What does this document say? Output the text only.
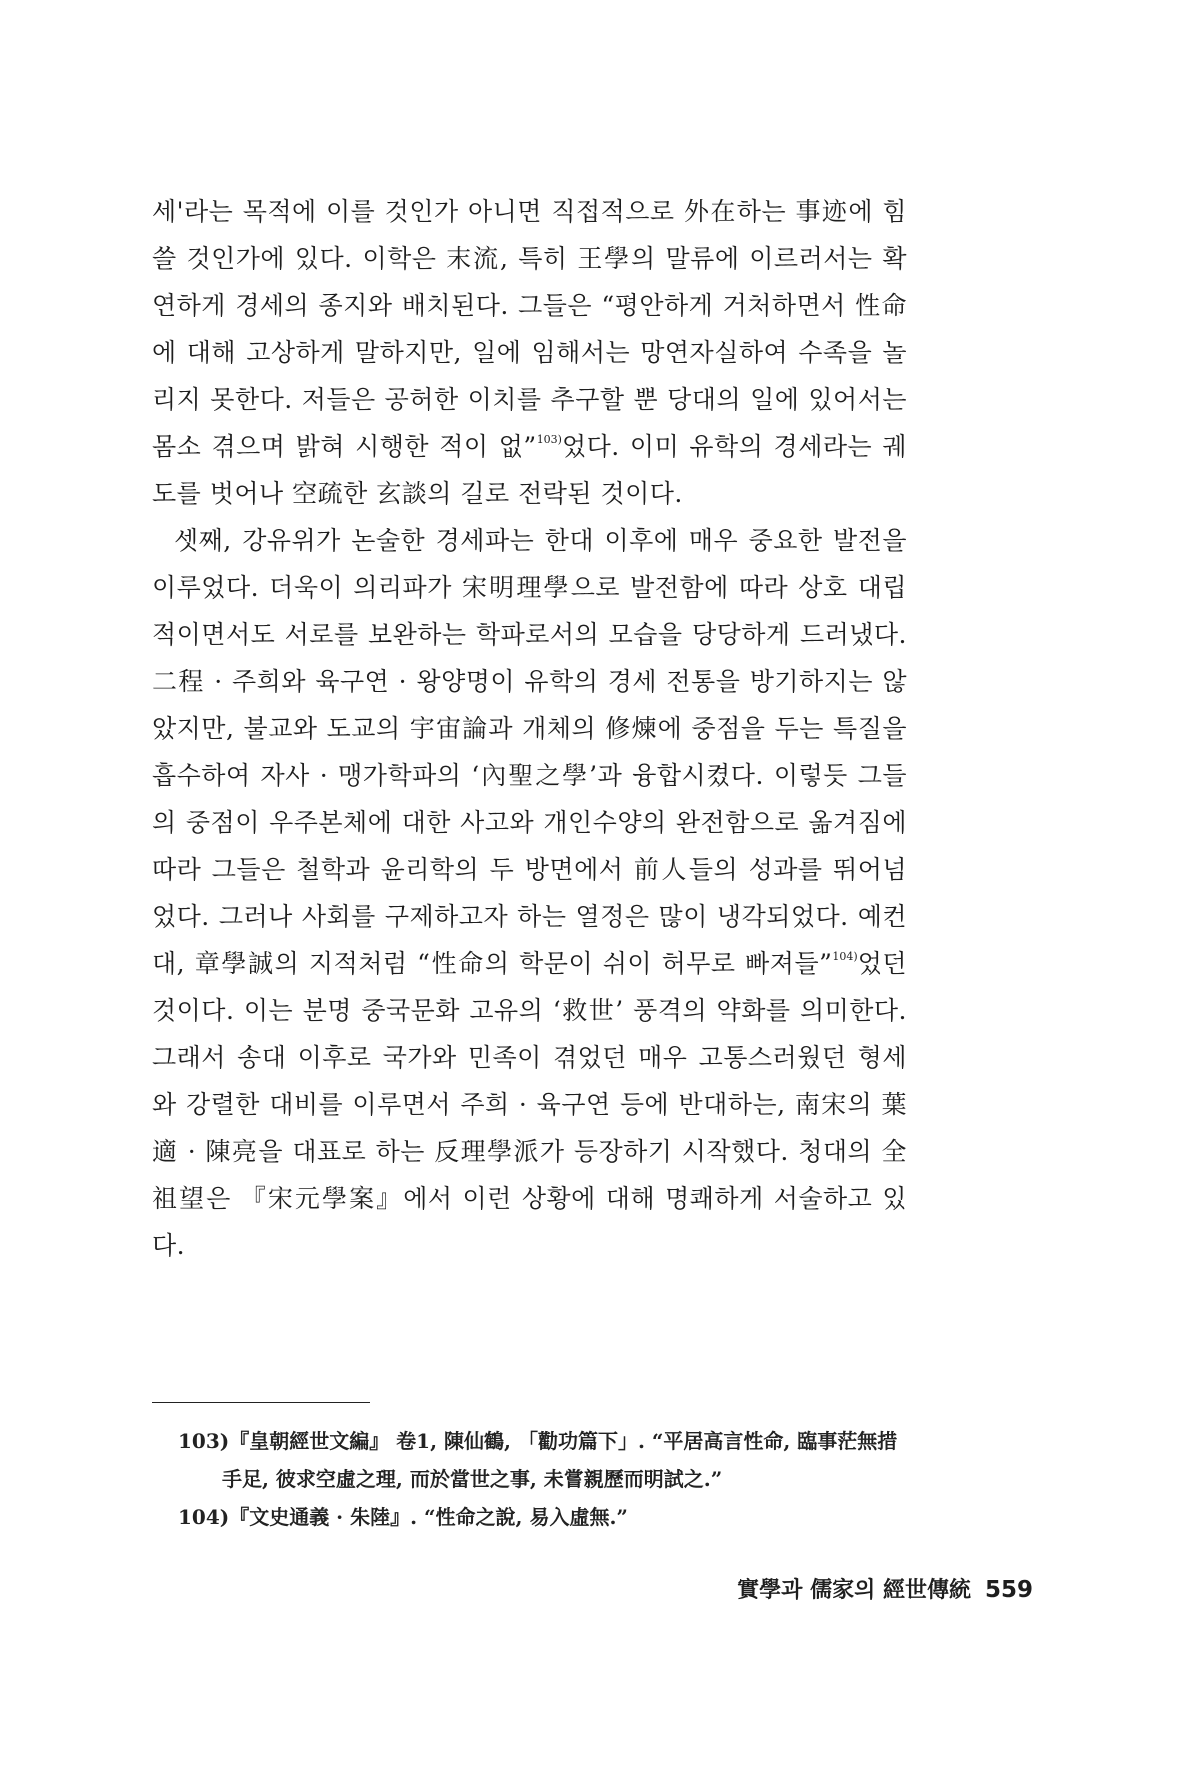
세'라는 목적에 이를 것인가 아니면 직접적으로 外在하는 事迹에 힘쓸 것인가에 있다. 이학은 末流, 특히 王學의 말류에 이르러서는 확연하게 경세의 종지와 배치된다. 그들은 “평안하게 거처하면서 性命에 대해 고상하게 말하지만, 일에 임해서는 망연자실하여 수족을 놀리지 못한다. 저들은 공허한 이치를 추구할 뿐 당대의 일에 있어서는 몸소 겪으며 밝혀 시행한 적이 없”$^{103)}$었다. 이미 유학의 경세라는 궤도를 벗어나 空疏한 玄談의 길로 전락된 것이다.

셋째, 강유위가 논술한 경세파는 한대 이후에 매우 중요한 발전을 이루었다. 더욱이 의리파가 宋明理學으로 발전함에 따라 상호 대립적이면서도 서로를 보완하는 학파로서의 모습을 당당하게 드러냈다. 二程 · 주희와 육구연 · 왕양명이 유학의 경세 전통을 방기하지는 않았지만, 불교와 도교의 宇宙論과 개체의 修煉에 중점을 두는 특질을 흡수하여 자사 · 맹가학파의 ‘內聖之學’과 융합시켰다. 이렇듯 그들의 중점이 우주본체에 대한 사고와 개인수양의 완전함으로 옮겨짐에 따라 그들은 철학과 윤리학의 두 방면에서 前人들의 성과를 뛰어넘었다. 그러나 사회를 구제하고자 하는 열정은 많이 냉각되었다. 예컨대, 章學誠의 지적처럼 “性命의 학문이 쉬이 허무로 빠져들”$^{104)}$었던 것이다. 이는 분명 중국문화 고유의 ‘救世’ 풍격의 약화를 의미한다. 그래서 송대 이후로 국가와 민족이 겪었던 매우 고통스러웠던 형세와 강렬한 대비를 이루면서 주희 · 육구연 등에 반대하는, 南宋의 葉適 · 陳亮을 대표로 하는 反理學派가 등장하기 시작했다. 청대의 全祖望은 『宋元學案』에서 이런 상황에 대해 명쾌하게 서술하고 있다.

103)『皇朝經世文編』 卷1, 陳仙鶴, 「勸功篇下」. “平居高言性命, 臨事茫無措手足, 彼求空虛之理, 而於當世之事, 未嘗親歷而明試之.”

104)『文史通義 · 朱陸』. “性命之說, 易入虛無.”

實學과 儒家의 經世傳統 559
